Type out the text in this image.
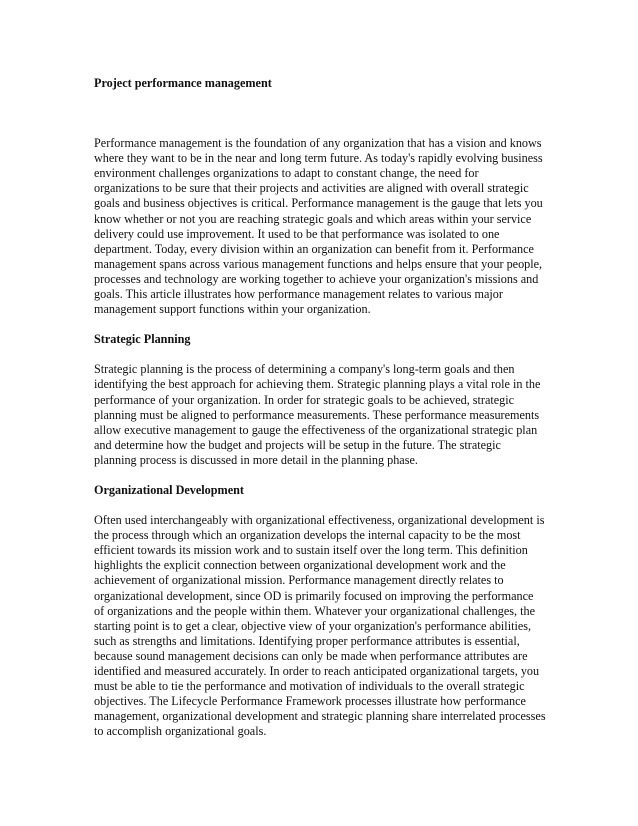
Project performance management

Performance management is the foundation of any organization that has a vision and knows where they want to be in the near and long term future. As today's rapidly evolving business environment challenges organizations to adapt to constant change, the need for organizations to be sure that their projects and activities are aligned with overall strategic goals and business objectives is critical. Performance management is the gauge that lets you know whether or not you are reaching strategic goals and which areas within your service delivery could use improvement. It used to be that performance was isolated to one department. Today, every division within an organization can benefit from it. Performance management spans across various management functions and helps ensure that your people, processes and technology are working together to achieve your organization's missions and goals. This article illustrates how performance management relates to various major management support functions within your organization.

Strategic Planning

Strategic planning is the process of determining a company's long-term goals and then identifying the best approach for achieving them. Strategic planning plays a vital role in the performance of your organization. In order for strategic goals to be achieved, strategic planning must be aligned to performance measurements. These performance measurements allow executive management to gauge the effectiveness of the organizational strategic plan and determine how the budget and projects will be setup in the future. The strategic planning process is discussed in more detail in the planning phase.

Organizational Development

Often used interchangeably with organizational effectiveness, organizational development is the process through which an organization develops the internal capacity to be the most efficient towards its mission work and to sustain itself over the long term. This definition highlights the explicit connection between organizational development work and the achievement of organizational mission. Performance management directly relates to organizational development, since OD is primarily focused on improving the performance of organizations and the people within them. Whatever your organizational challenges, the starting point is to get a clear, objective view of your organization's performance abilities, such as strengths and limitations. Identifying proper performance attributes is essential, because sound management decisions can only be made when performance attributes are identified and measured accurately. In order to reach anticipated organizational targets, you must be able to tie the performance and motivation of individuals to the overall strategic objectives. The Lifecycle Performance Framework processes illustrate how performance management, organizational development and strategic planning share interrelated processes to accomplish organizational goals.
